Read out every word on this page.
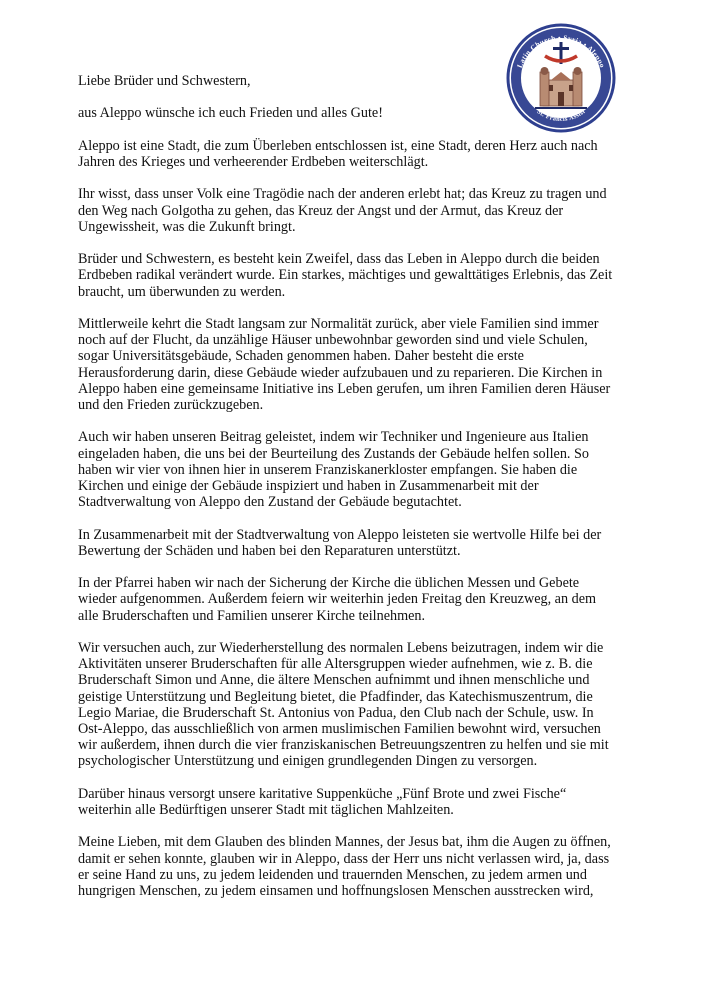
Latin Church • Syria • Aleppo
St. Francis Assisi

Liebe Brüder und Schwestern,

aus Aleppo wünsche ich euch Frieden und alles Gute!

Aleppo ist eine Stadt, die zum Überleben entschlossen ist, eine Stadt, deren Herz auch nach
Jahren des Krieges und verheerender Erdbeben weiterschlägt.

Ihr wisst, dass unser Volk eine Tragödie nach der anderen erlebt hat; das Kreuz zu tragen und
den Weg nach Golgotha zu gehen, das Kreuz der Angst und der Armut, das Kreuz der
Ungewissheit, was die Zukunft bringt.

Brüder und Schwestern, es besteht kein Zweifel, dass das Leben in Aleppo durch die beiden
Erdbeben radikal verändert wurde. Ein starkes, mächtiges und gewalttätiges Erlebnis, das Zeit
braucht, um überwunden zu werden.

Mittlerweile kehrt die Stadt langsam zur Normalität zurück, aber viele Familien sind immer
noch auf der Flucht, da unzählige Häuser unbewohnbar geworden sind und viele Schulen,
sogar Universitätsgebäude, Schaden genommen haben. Daher besteht die erste
Herausforderung darin, diese Gebäude wieder aufzubauen und zu reparieren. Die Kirchen in
Aleppo haben eine gemeinsame Initiative ins Leben gerufen, um ihren Familien deren Häuser
und den Frieden zurückzugeben.

Auch wir haben unseren Beitrag geleistet, indem wir Techniker und Ingenieure aus Italien
eingeladen haben, die uns bei der Beurteilung des Zustands der Gebäude helfen sollen. So
haben wir vier von ihnen hier in unserem Franziskanerkloster empfangen. Sie haben die
Kirchen und einige der Gebäude inspiziert und haben in Zusammenarbeit mit der
Stadtverwaltung von Aleppo den Zustand der Gebäude begutachtet.

In Zusammenarbeit mit der Stadtverwaltung von Aleppo leisteten sie wertvolle Hilfe bei der
Bewertung der Schäden und haben bei den Reparaturen unterstützt.

In der Pfarrei haben wir nach der Sicherung der Kirche die üblichen Messen und Gebete
wieder aufgenommen. Außerdem feiern wir weiterhin jeden Freitag den Kreuzweg, an dem
alle Bruderschaften und Familien unserer Kirche teilnehmen.

Wir versuchen auch, zur Wiederherstellung des normalen Lebens beizutragen, indem wir die
Aktivitäten unserer Bruderschaften für alle Altersgruppen wieder aufnehmen, wie z. B. die
Bruderschaft Simon und Anne, die ältere Menschen aufnimmt und ihnen menschliche und
geistige Unterstützung und Begleitung bietet, die Pfadfinder, das Katechismuszentrum, die
Legio Mariae, die Bruderschaft St. Antonius von Padua, den Club nach der Schule, usw. In
Ost-Aleppo, das ausschließlich von armen muslimischen Familien bewohnt wird, versuchen
wir außerdem, ihnen durch die vier franziskanischen Betreuungszentren zu helfen und sie mit
psychologischer Unterstützung und einigen grundlegenden Dingen zu versorgen.

Darüber hinaus versorgt unsere karitative Suppenküche „Fünf Brote und zwei Fische“
weiterhin alle Bedürftigen unserer Stadt mit täglichen Mahlzeiten.

Meine Lieben, mit dem Glauben des blinden Mannes, der Jesus bat, ihm die Augen zu öffnen,
damit er sehen konnte, glauben wir in Aleppo, dass der Herr uns nicht verlassen wird, ja, dass
er seine Hand zu uns, zu jedem leidenden und trauernden Menschen, zu jedem armen und
hungrigen Menschen, zu jedem einsamen und hoffnungslosen Menschen ausstrecken wird,
